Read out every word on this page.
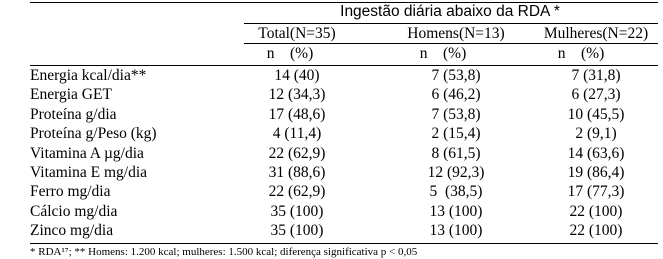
Ingestão diária abaixo da RDA *
Total(N=35)	Homens(N=13)	Mulheres(N=22)
n    (%)	n    (%)	n    (%)
Energia kcal/dia**	14 (40)	7 (53,8)	7 (31,8)
Energia GET	12 (34,3)	6 (46,2)	6 (27,3)
Proteína g/dia	17 (48,6)	7 (53,8)	10 (45,5)
Proteína g/Peso (kg)	4 (11,4)	2 (15,4)	2 (9,1)
Vitamina A µg/dia	22 (62,9)	8 (61,5)	14 (63,6)
Vitamina E mg/dia	31 (88,6)	12 (92,3)	19 (86,4)
Ferro mg/dia	22 (62,9)	5  (38,5)	17 (77,3)
Cálcio mg/dia	35 (100)	13 (100)	22 (100)
Zinco mg/dia	35 (100)	13 (100)	22 (100)
* RDA¹⁷; ** Homens: 1.200 kcal; mulheres: 1.500 kcal; diferença significativa p < 0,05
